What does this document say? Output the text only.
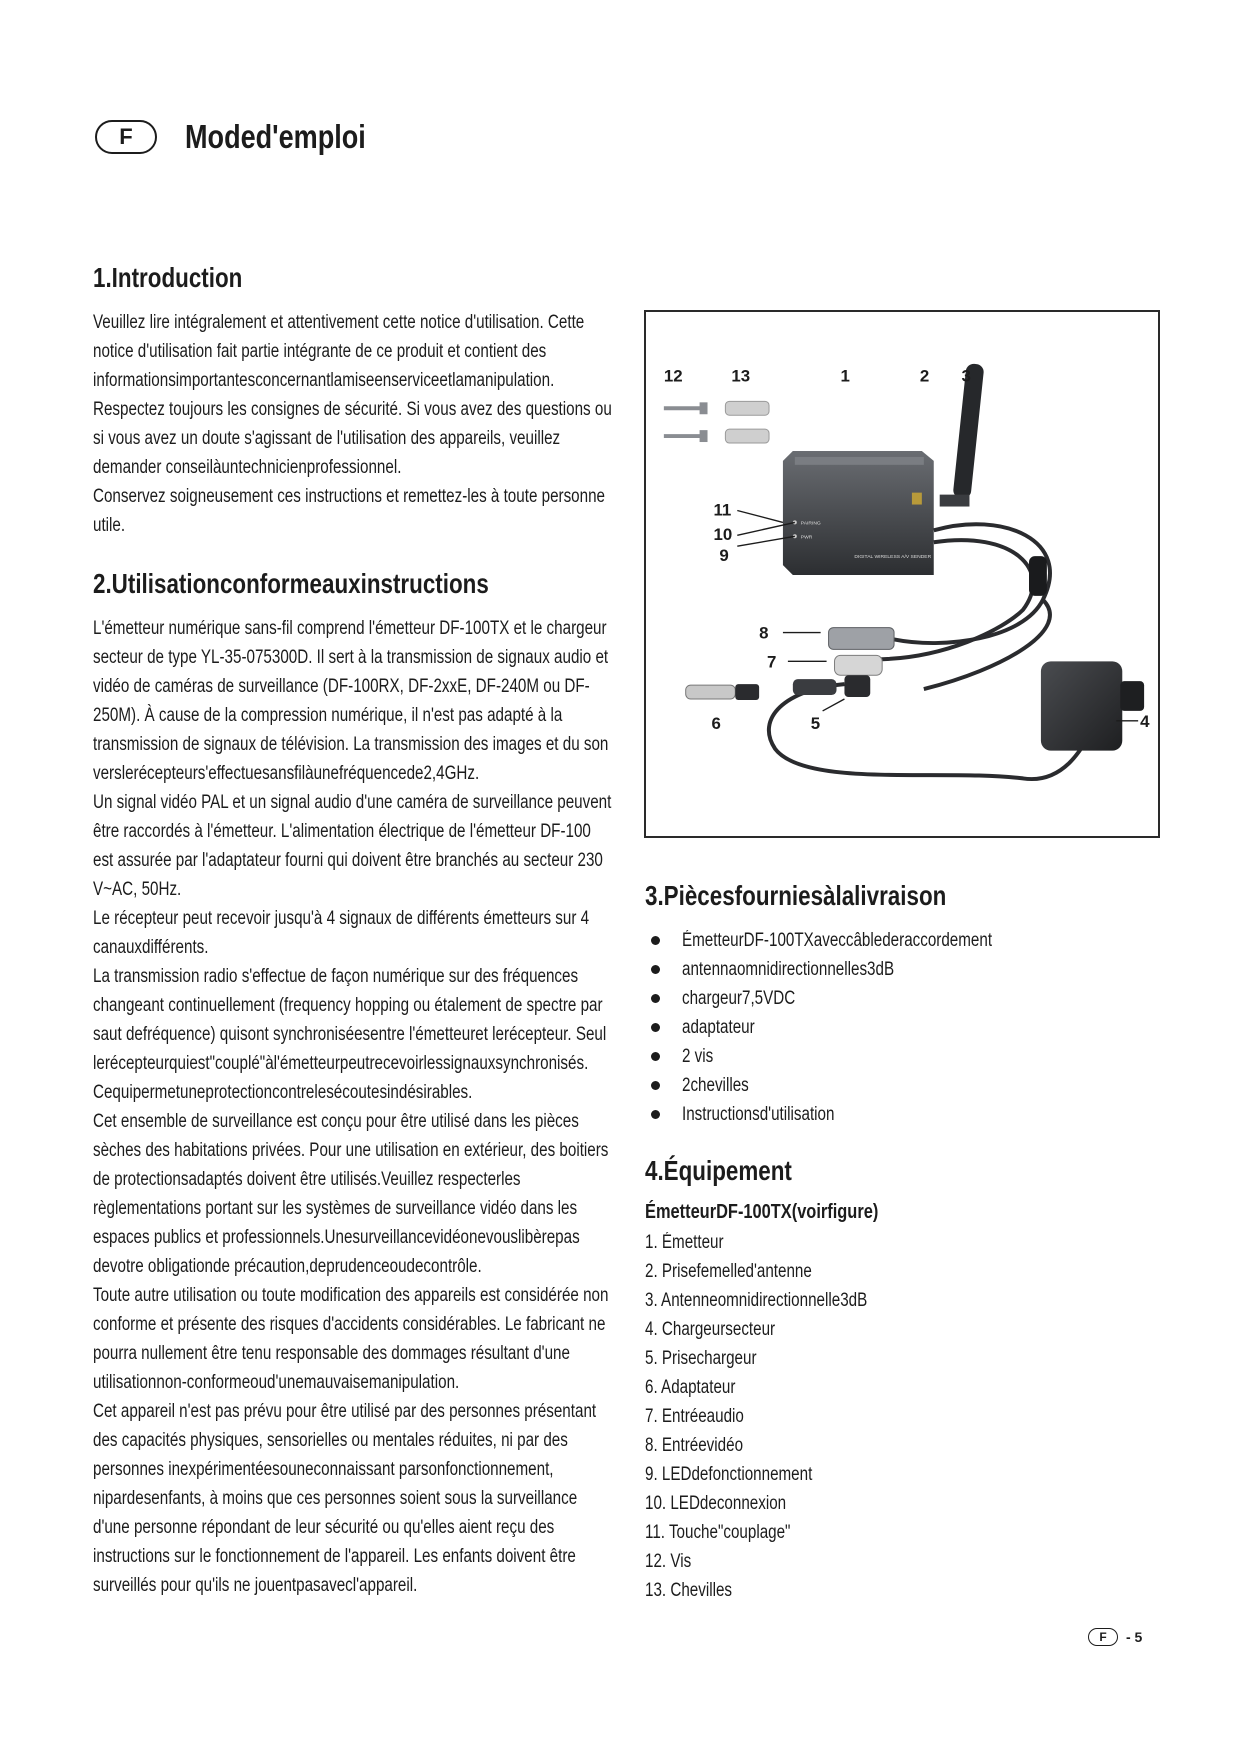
F	Moded'emploi
1.Introduction

Veuillez lire intégralement et attentivement cette notice d'utilisation. Cette notice d'utilisation fait partie intégrante de ce produit et contient des informationsimportantesconcernantlamiseenserviceetlamanipulation.

Respectez toujours les consignes de sécurité. Si vous avez des questions ou si vous avez un doute s'agissant de l'utilisation des appareils, veuillez demander conseilàuntechnicienprofessionnel.

Conservez soigneusement ces instructions et remettez-les à toute personne utile.

2.Utilisationconformeauxinstructions

L'émetteur numérique sans-fil comprend l'émetteur DF-100TX et le chargeur secteur de type YL-35-075300D. Il sert à la transmission de signaux audio et vidéo de caméras de surveillance (DF-100RX, DF-2xxE, DF-240M ou DF-250M). À cause de la compression numérique, il n'est pas adapté à la transmission de signaux de télévision. La transmission des images et du son verslerécepteurs'effectuesansfilàunefréquencede2,4GHz.

Un signal vidéo PAL et un signal audio d'une caméra de surveillance peuvent être raccordés à l'émetteur. L'alimentation électrique de l'émetteur DF-100 est assurée par l'adaptateur fourni qui doivent être branchés au secteur 230 V~AC, 50Hz.

Le récepteur peut recevoir jusqu'à 4 signaux de différents émetteurs sur 4 canauxdifférents.

La transmission radio s'effectue de façon numérique sur des fréquences changeant continuellement (frequency hopping ou étalement de spectre par saut defréquence) quisont synchroniséesentre l'émetteuret lerécepteur. Seul lerécepteurquiest"couplé"àl'émetteurpeutrecevoirlessignauxsynchronisés. Cequipermetuneprotectioncontrelesécoutesindésirables.

Cet ensemble de surveillance est conçu pour être utilisé dans les pièces sèches des habitations privées. Pour une utilisation en extérieur, des boitiers de protectionsadaptés doivent être utilisés.Veuillez respecterles règlementations portant sur les systèmes de surveillance vidéo dans les espaces publics et professionnels.Unesurveillancevidéonevouslibèrepas devotre obligationde précaution,deprudenceoudecontrôle.

Toute autre utilisation ou toute modification des appareils est considérée non conforme et présente des risques d'accidents considérables. Le fabricant ne pourra nullement être tenu responsable des dommages résultant d'une utilisationnon-conformeoud'unemauvaisemanipulation.

Cet appareil n'est pas prévu pour être utilisé par des personnes présentant des capacités physiques, sensorielles ou mentales réduites, ni par des personnes inexpérimentéesouneconnaissant parsonfonctionnement, nipardesenfants, à moins que ces personnes soient sous la surveillance d'une personne répondant de leur sécurité ou qu'elles aient reçu des instructions sur le fonctionnement de l'appareil. Les enfants doivent être surveillés pour qu'ils ne jouentpasavecl'appareil.

PAIRING
PWR
DIGITAL WIRELESS A/V SENDER
12	13	1	2 3
11
10
9
8
7
6	5	4
3.Piècesfourniesàlalivraison
ÉmetteurDF-100TXaveccâblederaccordement
antennaomnidirectionnelles3dB
chargeur7,5VDC
adaptateur
2 vis
2chevilles
Instructionsd'utilisation
4.Équipement
ÉmetteurDF-100TX(voirfigure)
1. Émetteur
2. Prisefemelled'antenne
3. Antenneomnidirectionnelle3dB
4. Chargeursecteur
5. Prisechargeur
6. Adaptateur
7. Entréeaudio
8. Entréevidéo
9. LEDdefonctionnement
10. LEDdeconnexion
11. Touche"couplage"
12. Vis
13. Chevilles
F	- 5
